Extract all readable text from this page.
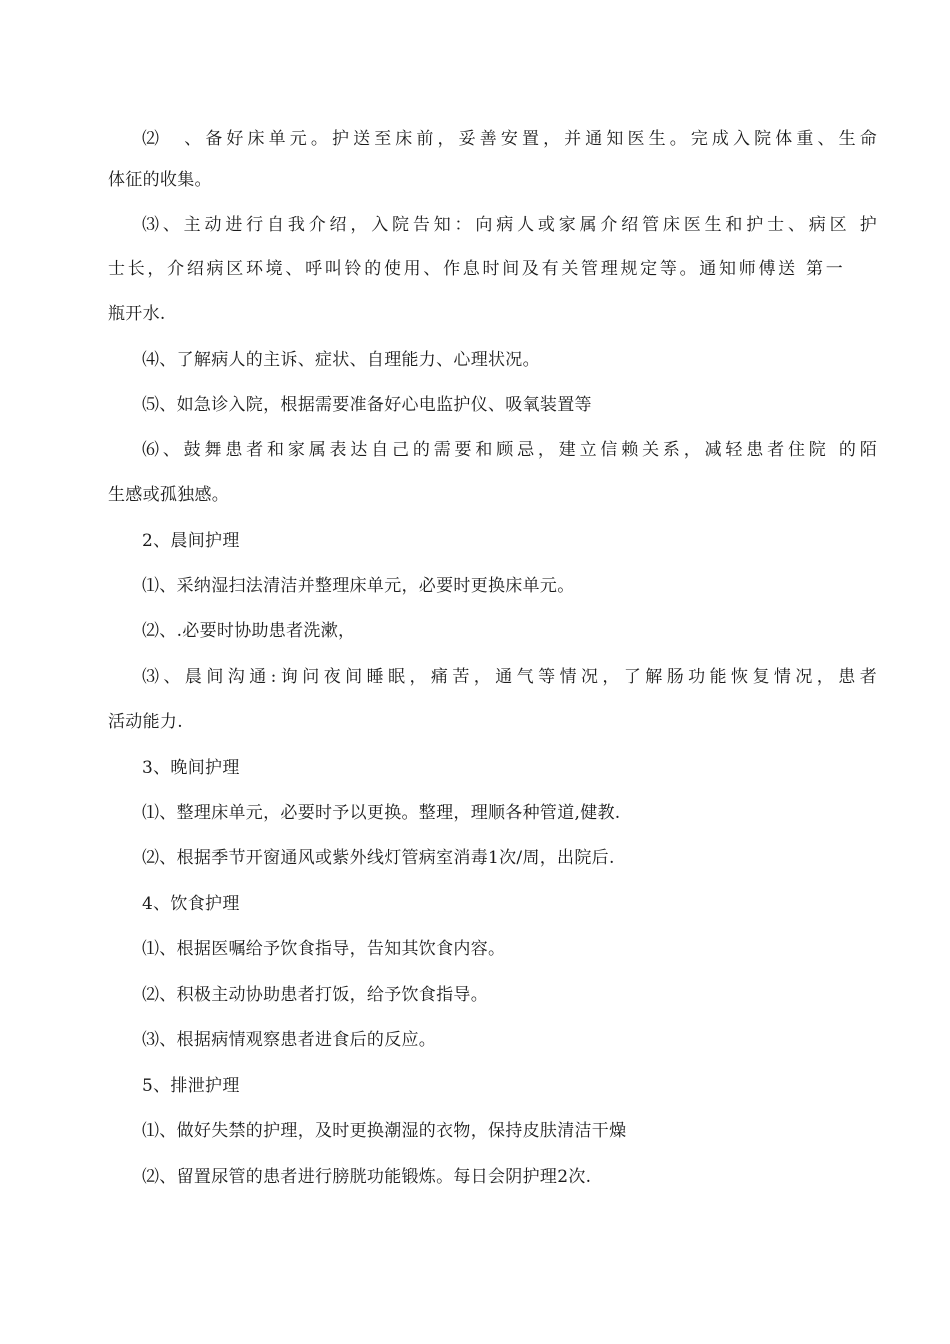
⑵　、备好床单元。护送至床前，妥善安置，并通知医生。完成入院体重、生命
体征的收集。
⑶、主动进行自我介绍，入院告知：向病人或家属介绍管床医生和护士、病区 护
士长，介绍病区环境、呼叫铃的使用、作息时间及有关管理规定等。通知师傅送 第一
瓶开水.
⑷、了解病人的主诉、症状、自理能力、心理状况。
⑸、如急诊入院，根据需要准备好心电监护仪、吸氧装置等
⑹、鼓舞患者和家属表达自己的需要和顾忌，建立信赖关系，减轻患者住院 的陌
生感或孤独感。
2、晨间护理
⑴、采纳湿扫法清洁并整理床单元，必要时更换床单元。
⑵、.必要时协助患者洗漱，
⑶、晨间沟通:询问夜间睡眠，痛苦，通气等情况，了解肠功能恢复情况，患者
活动能力.
3、晚间护理
⑴、整理床单元，必要时予以更换。整理，理顺各种管道,健教.
⑵、根据季节开窗通风或紫外线灯管病室消毒1次/周，出院后.
4、饮食护理
⑴、根据医嘱给予饮食指导，告知其饮食内容。
⑵、积极主动协助患者打饭，给予饮食指导。
⑶、根据病情观察患者进食后的反应。
5、排泄护理
⑴、做好失禁的护理，及时更换潮湿的衣物，保持皮肤清洁干燥
⑵、留置尿管的患者进行膀胱功能锻炼。每日会阴护理2次.
